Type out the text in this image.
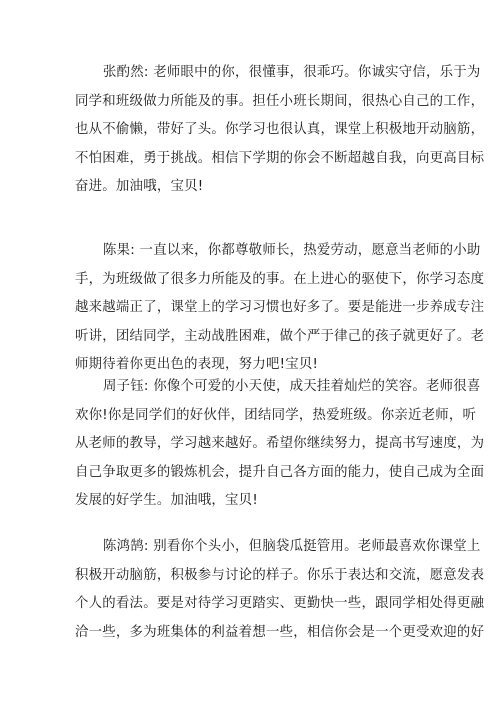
张酌然: 老师眼中的你，很懂事，很乖巧。你诚实守信，乐于为
同学和班级做力所能及的事。担任小班长期间，很热心自己的工作，
也从不偷懒，带好了头。你学习也很认真，课堂上积极地开动脑筋，
不怕困难，勇于挑战。相信下学期的你会不断超越自我，向更高目标
奋进。加油哦，宝贝!
陈果: 一直以来，你都尊敬师长，热爱劳动，愿意当老师的小助
手，为班级做了很多力所能及的事。在上进心的驱使下，你学习态度
越来越端正了，课堂上的学习习惯也好多了。要是能进一步养成专注
听讲，团结同学，主动战胜困难，做个严于律己的孩子就更好了。老
师期待着你更出色的表现，努力吧!宝贝!
周子钰: 你像个可爱的小天使，成天挂着灿烂的笑容。老师很喜
欢你!你是同学们的好伙伴，团结同学，热爱班级。你亲近老师，听
从老师的教导，学习越来越好。希望你继续努力，提高书写速度，为
自己争取更多的锻炼机会，提升自己各方面的能力，使自己成为全面
发展的好学生。加油哦，宝贝!
陈鸿鹄: 别看你个头小，但脑袋瓜挺管用。老师最喜欢你课堂上
积极开动脑筋，积极参与讨论的样子。你乐于表达和交流，愿意发表
个人的看法。要是对待学习更踏实、更勤快一些，跟同学相处得更融
洽一些，多为班集体的利益着想一些，相信你会是一个更受欢迎的好
